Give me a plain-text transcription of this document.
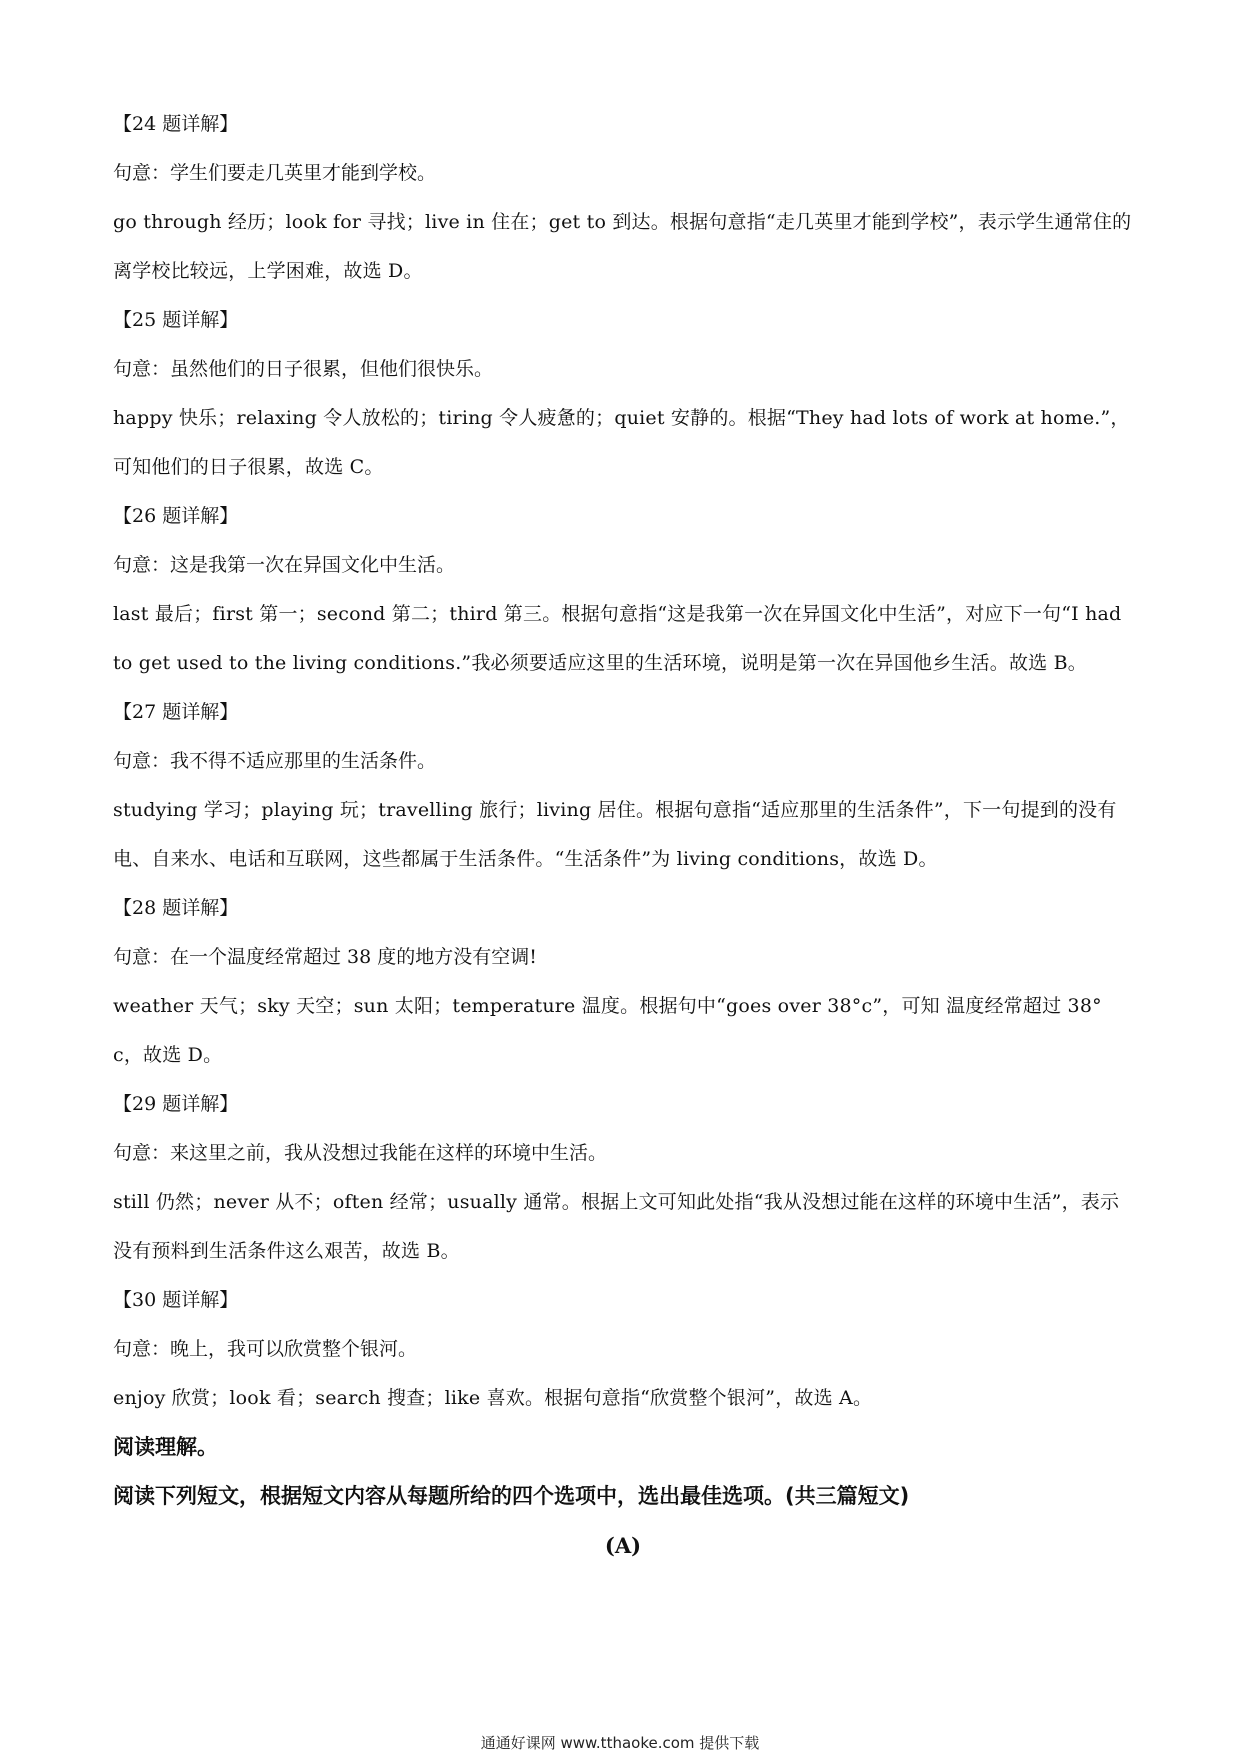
【24 题详解】

句意：学生们要走几英里才能到学校。

go through 经历；look for 寻找；live in 住在；get to 到达。根据句意指“走几英里才能到学校”，表示学生通常住的离学校比较远，上学困难，故选 D。

【25 题详解】

句意：虽然他们的日子很累，但他们很快乐。

happy 快乐；relaxing 令人放松的；tiring 令人疲惫的；quiet 安静的。根据“They had lots of work at home.”，可知他们的日子很累，故选 C。

【26 题详解】

句意：这是我第一次在异国文化中生活。

last 最后；first 第一；second 第二；third 第三。根据句意指“这是我第一次在异国文化中生活”，对应下一句“I had to get used to the living conditions.”我必须要适应这里的生活环境，说明是第一次在异国他乡生活。故选 B。

【27 题详解】

句意：我不得不适应那里的生活条件。

studying 学习；playing 玩；travelling 旅行；living 居住。根据句意指“适应那里的生活条件”，下一句提到的没有电、自来水、电话和互联网，这些都属于生活条件。“生活条件”为 living conditions，故选 D。

【28 题详解】

句意：在一个温度经常超过 38 度的地方没有空调!

weather 天气；sky 天空；sun 太阳；temperature 温度。根据句中“goes over 38°c”，可知 温度经常超过 38° c，故选 D。

【29 题详解】

句意：来这里之前，我从没想过我能在这样的环境中生活。

still 仍然；never 从不；often 经常；usually 通常。根据上文可知此处指“我从没想过能在这样的环境中生活”，表示没有预料到生活条件这么艰苦，故选 B。

【30 题详解】

句意：晚上，我可以欣赏整个银河。

enjoy 欣赏；look 看；search 搜查；like 喜欢。根据句意指“欣赏整个银河”，故选 A。

阅读理解。

阅读下列短文，根据短文内容从每题所给的四个选项中，选出最佳选项。(共三篇短文)

(A)

通通好课网 www.tthaoke.com 提供下载
